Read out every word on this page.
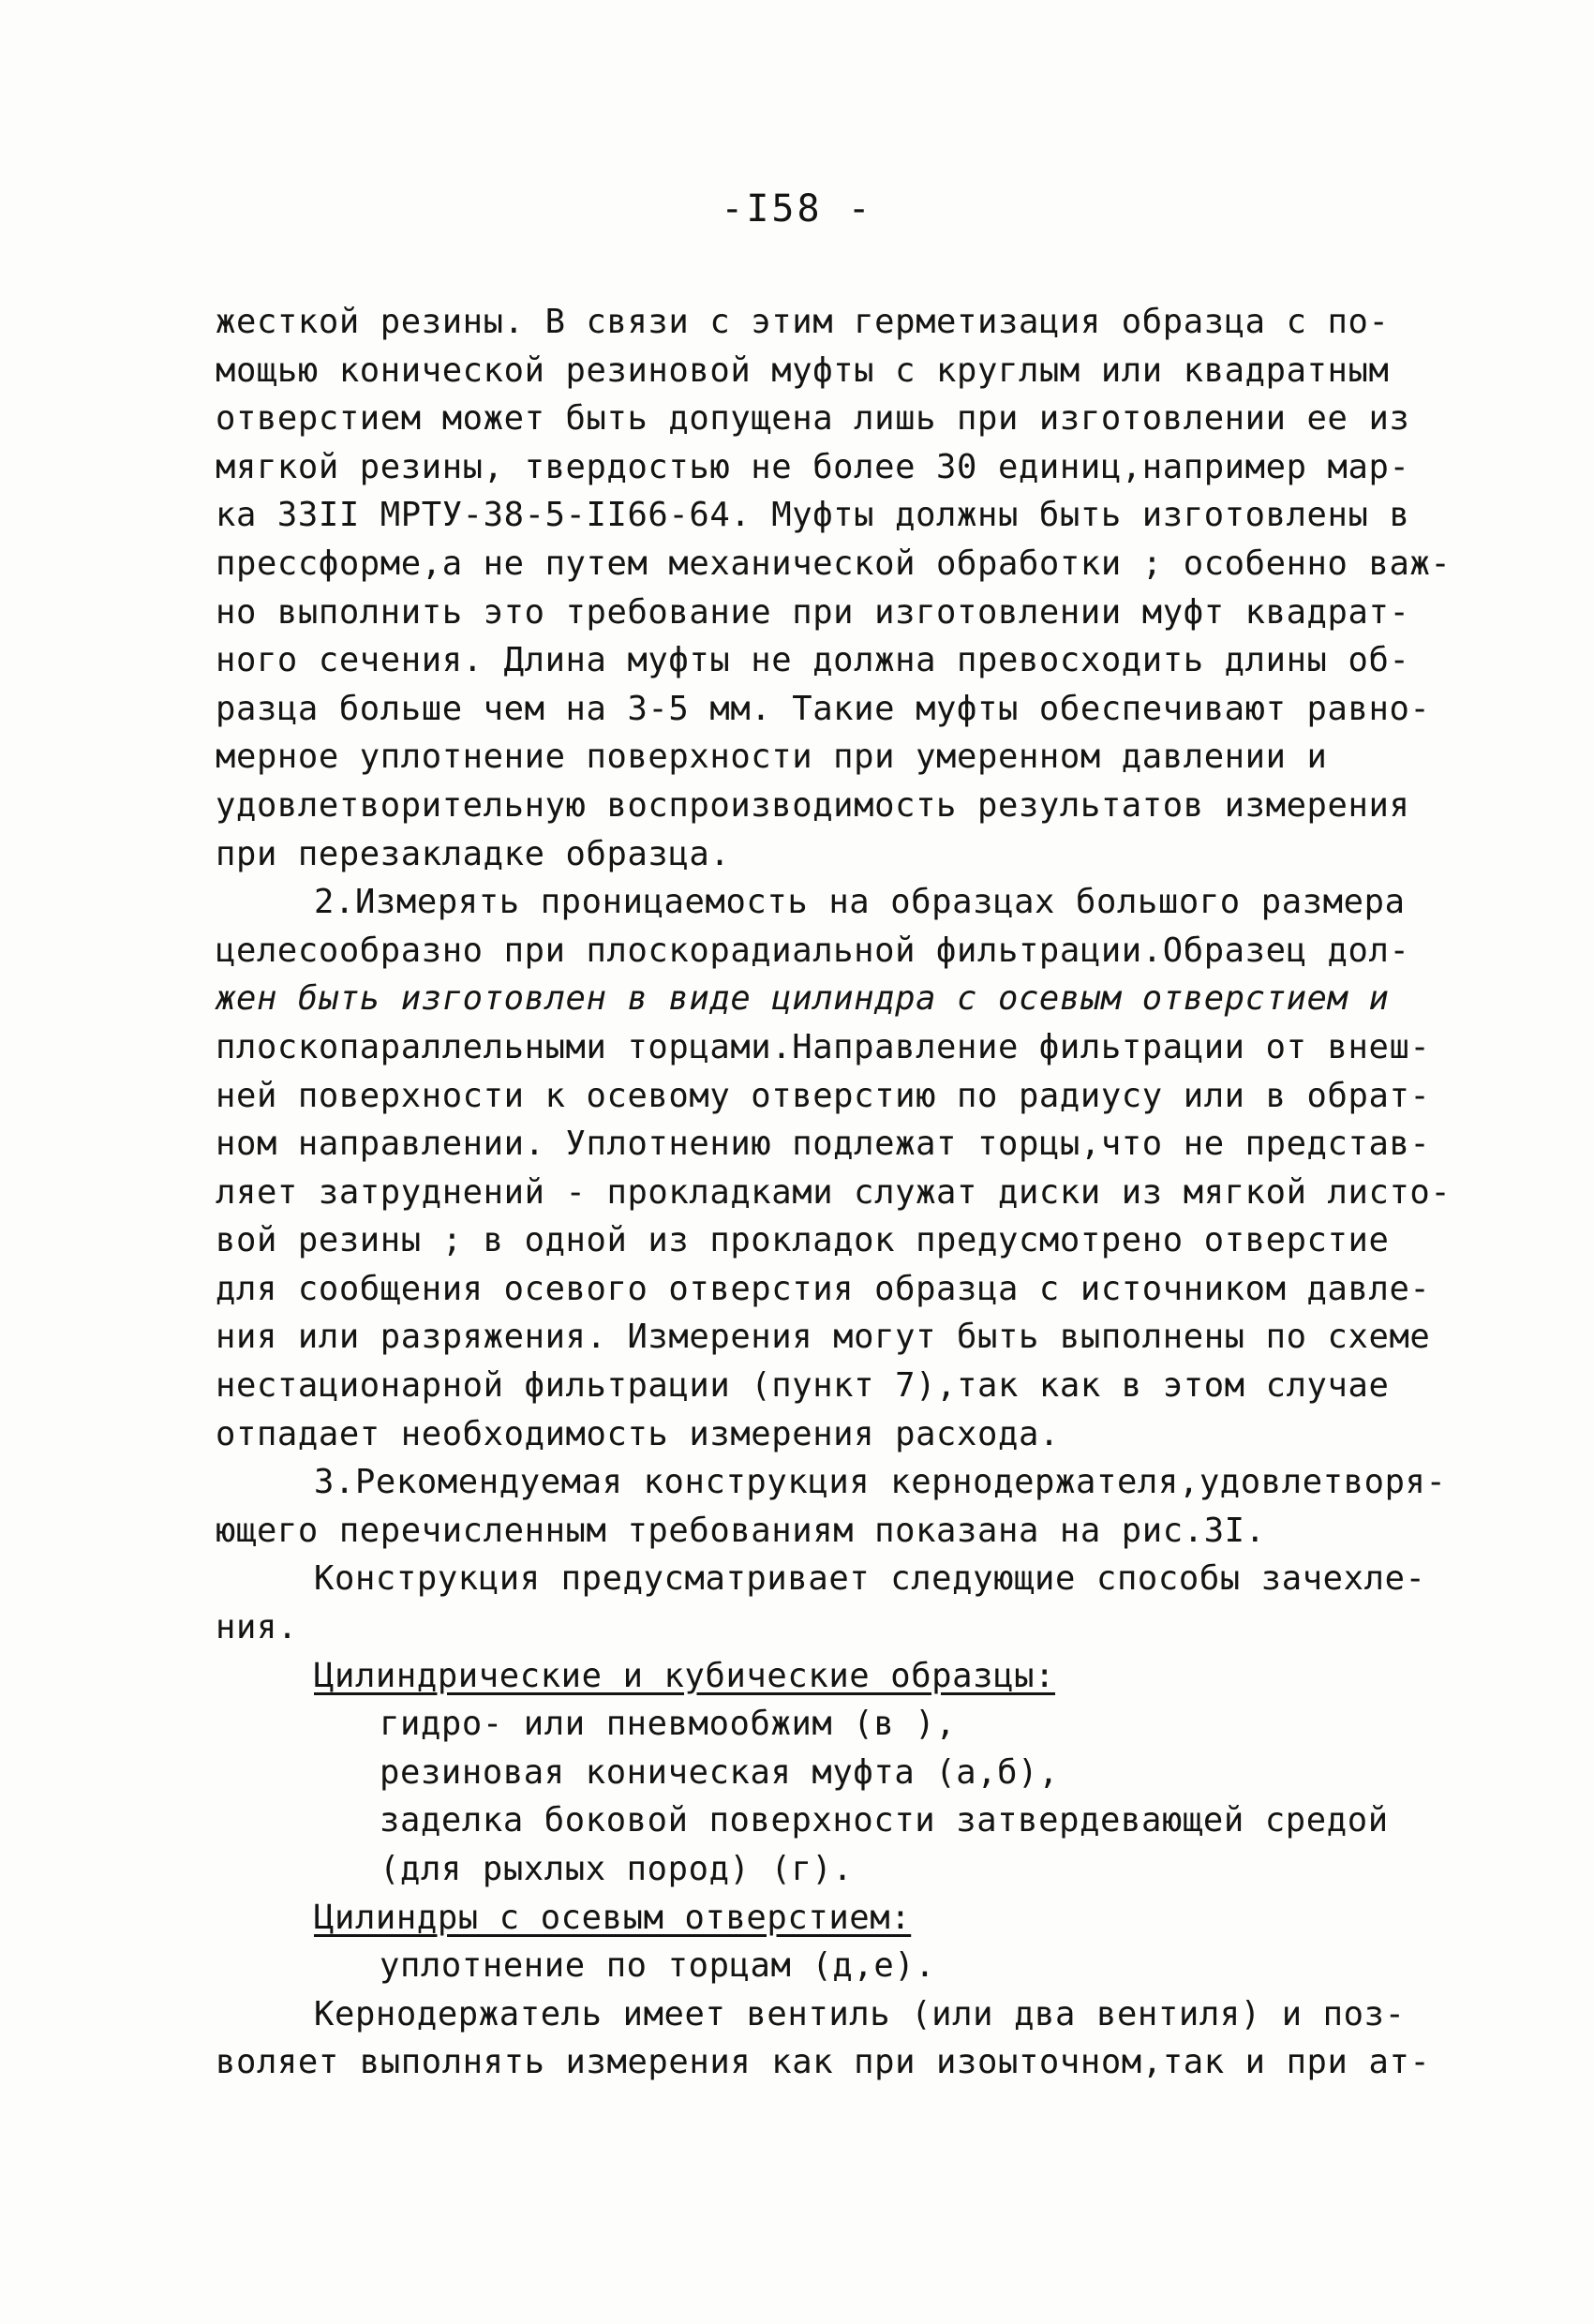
-I58 -
жесткой резины. В связи с этим герметизация образца с по-
мощью конической резиновой муфты с круглым или квадратным
отверстием может быть допущена лишь при изготовлении ее из
мягкой резины, твердостью не более 30 единиц,например мар-
ка 33II МРТУ-38-5-II66-64. Муфты должны быть изготовлены в
прессформе,а не путем механической обработки ; особенно важ-
но выполнить это требование при изготовлении муфт квадрат-
ного сечения. Длина муфты не должна превосходить длины об-
разца больше чем на 3-5 мм. Такие муфты обеспечивают равно-
мерное уплотнение поверхности при умеренном давлении и
удовлетворительную воспроизводимость результатов измерения
при перезакладке образца.
2.Измерять проницаемость на образцах большого размера
целесообразно при плоскорадиальной фильтрации.Образец дол-
жен быть изготовлен в виде цилиндра с осевым отверстием и
плоскопараллельными торцами.Направление фильтрации от внеш-
ней поверхности к осевому отверстию по радиусу или в обрат-
ном направлении. Уплотнению подлежат торцы,что не представ-
ляет затруднений - прокладками служат диски из мягкой листо-
вой резины ; в одной из прокладок предусмотрено отверстие
для сообщения осевого отверстия образца с источником давле-
ния или разряжения. Измерения могут быть выполнены по схеме
нестационарной фильтрации (пункт 7),так как в этом случае
отпадает необходимость измерения расхода.
3.Рекомендуемая конструкция кернодержателя,удовлетворя-
ющего перечисленным требованиям показана на рис.3I.
Конструкция предусматривает следующие способы зачехле-
ния.
Цилиндрические и кубические образцы:
гидро- или пневмообжим (в ),
резиновая коническая муфта (а,б),
заделка боковой поверхности затвердевающей средой
(для рыхлых пород) (г).
Цилиндры с осевым отверстием:
уплотнение по торцам (д,е).
Кернодержатель имеет вентиль (или два вентиля) и поз-
воляет выполнять измерения как при изоыточном,так и при ат-
